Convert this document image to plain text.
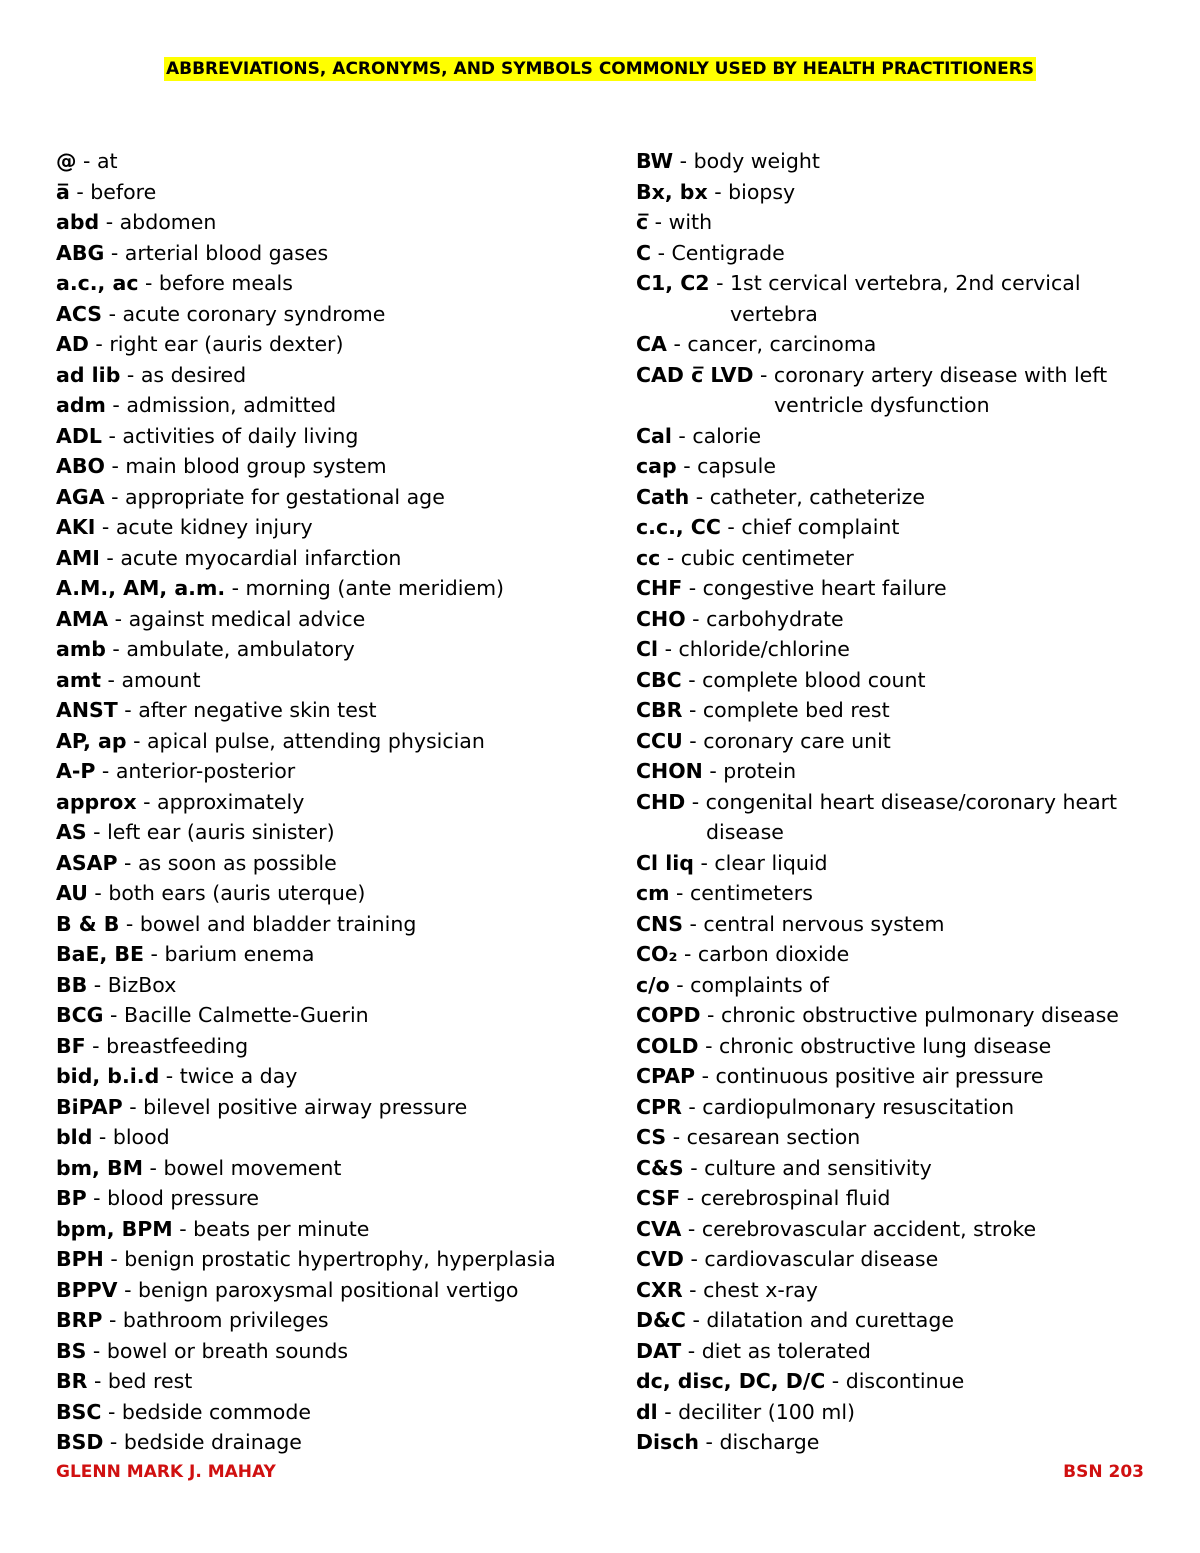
ABBREVIATIONS, ACRONYMS, AND SYMBOLS COMMONLY USED BY HEALTH PRACTITIONERS
@ - at
a̅ - before
abd - abdomen
ABG - arterial blood gases
a.c., ac - before meals
ACS - acute coronary syndrome
AD - right ear (auris dexter)
ad lib - as desired
adm - admission, admitted
ADL - activities of daily living
ABO - main blood group system
AGA - appropriate for gestational age
AKI - acute kidney injury
AMI - acute myocardial infarction
A.M., AM, a.m. - morning (ante meridiem)
AMA - against medical advice
amb - ambulate, ambulatory
amt - amount
ANST - after negative skin test
AP, ap - apical pulse, attending physician
A-P - anterior-posterior
approx - approximately
AS - left ear (auris sinister)
ASAP - as soon as possible
AU - both ears (auris uterque)
B & B - bowel and bladder training
BaE, BE - barium enema
BB - BizBox
BCG - Bacille Calmette-Guerin
BF - breastfeeding
bid, b.i.d - twice a day
BiPAP - bilevel positive airway pressure
bld - blood
bm, BM - bowel movement
BP - blood pressure
bpm, BPM - beats per minute
BPH - benign prostatic hypertrophy, hyperplasia
BPPV - benign paroxysmal positional vertigo
BRP - bathroom privileges
BS - bowel or breath sounds
BR - bed rest
BSC - bedside commode
BSD - bedside drainage
BW - body weight
Bx, bx - biopsy
c̅ - with
C - Centigrade
C1, C2 - 1st cervical vertebra, 2nd cervical
vertebra
CA - cancer, carcinoma
CAD c̅ LVD - coronary artery disease with left
ventricle dysfunction
Cal - calorie
cap - capsule
Cath - catheter, catheterize
c.c., CC - chief complaint
cc - cubic centimeter
CHF - congestive heart failure
CHO - carbohydrate
Cl - chloride/chlorine
CBC - complete blood count
CBR - complete bed rest
CCU - coronary care unit
CHON - protein
CHD - congenital heart disease/coronary heart
disease
Cl liq - clear liquid
cm - centimeters
CNS - central nervous system
CO₂ - carbon dioxide
c/o - complaints of
COPD - chronic obstructive pulmonary disease
COLD - chronic obstructive lung disease
CPAP - continuous positive air pressure
CPR - cardiopulmonary resuscitation
CS - cesarean section
C&S - culture and sensitivity
CSF - cerebrospinal fluid
CVA - cerebrovascular accident, stroke
CVD - cardiovascular disease
CXR - chest x-ray
D&C - dilatation and curettage
DAT - diet as tolerated
dc, disc, DC, D/C - discontinue
dl - deciliter (100 ml)
Disch - discharge
GLENN MARK J. MAHAY	BSN 203
